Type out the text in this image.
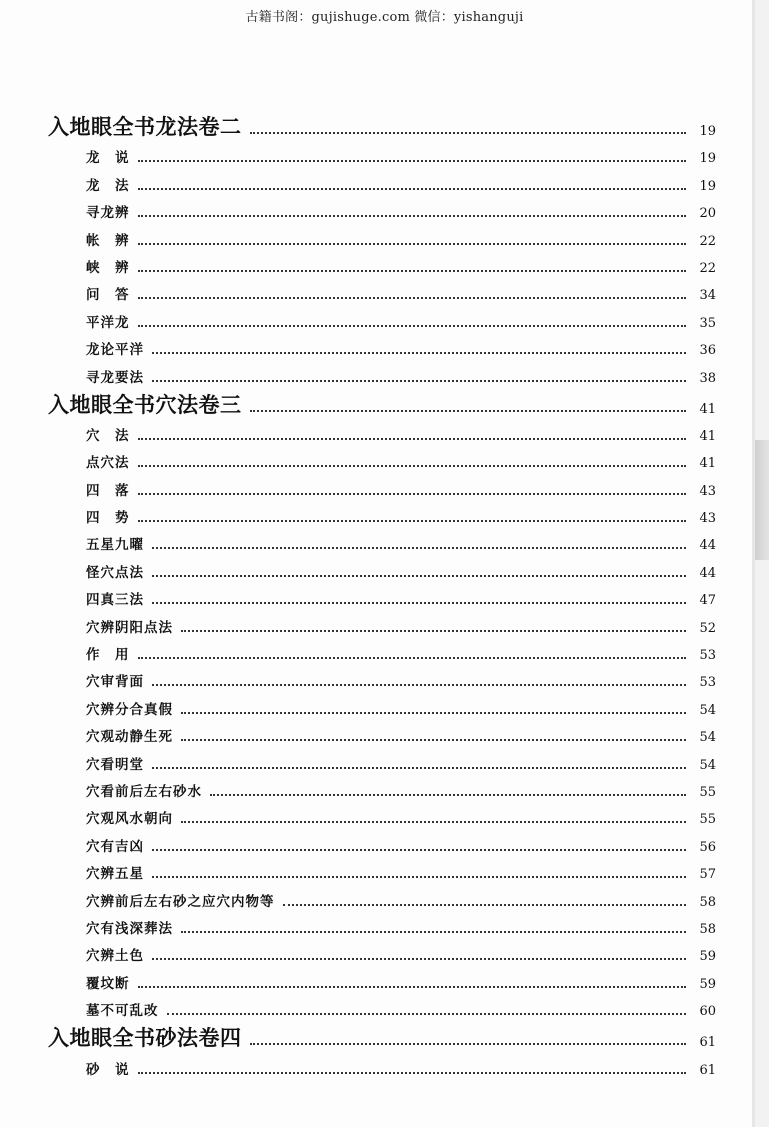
古籍书阁：gujishuge.com 微信：yishanguji
入地眼全书龙法卷二	19
龙　说	19
龙　法	19
寻龙辨	20
帐　辨	22
峡　辨	22
问　答	34
平洋龙	35
龙论平洋	36
寻龙要法	38
入地眼全书穴法卷三	41
穴　法	41
点穴法	41
四　落	43
四　势	43
五星九曜	44
怪穴点法	44
四真三法	47
穴辨阴阳点法	52
作　用	53
穴审背面	53
穴辨分合真假	54
穴观动静生死	54
穴看明堂	54
穴看前后左右砂水	55
穴观风水朝向	55
穴有吉凶	56
穴辨五星	57
穴辨前后左右砂之应穴内物等	58
穴有浅深葬法	58
穴辨土色	59
覆坟断	59
墓不可乱改	60
入地眼全书砂法卷四	61
砂　说	61
